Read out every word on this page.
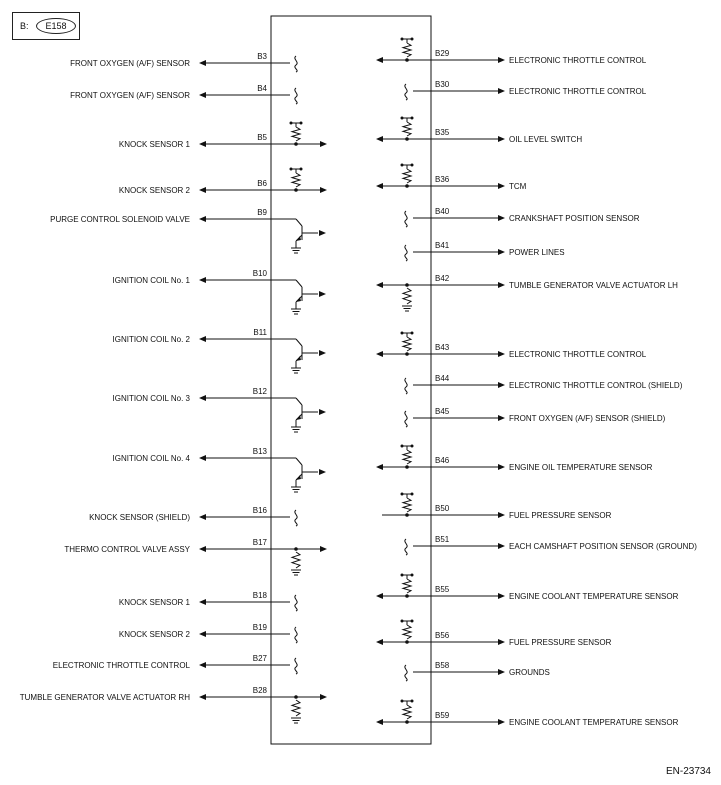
B:	E158
FRONT OXYGEN (A/F) SENSOR
B3
FRONT OXYGEN (A/F) SENSOR
B4
KNOCK SENSOR 1
B5
KNOCK SENSOR 2
B6
PURGE CONTROL SOLENOID VALVE
B9
IGNITION COIL No. 1
B10
IGNITION COIL No. 2
B11
IGNITION COIL No. 3
B12
IGNITION COIL No. 4
B13
KNOCK SENSOR (SHIELD)
B16
THERMO CONTROL VALVE ASSY
B17
KNOCK SENSOR 1
B18
KNOCK SENSOR 2
B19
ELECTRONIC THROTTLE CONTROL
B27
TUMBLE GENERATOR VALVE ACTUATOR RH
B28
ELECTRONIC THROTTLE CONTROL
B29
ELECTRONIC THROTTLE CONTROL
B30
OIL LEVEL SWITCH
B35
TCM
B36
CRANKSHAFT POSITION SENSOR
B40
POWER LINES
B41
TUMBLE GENERATOR VALVE ACTUATOR LH
B42
ELECTRONIC THROTTLE CONTROL
B43
ELECTRONIC THROTTLE CONTROL (SHIELD)
B44
FRONT OXYGEN (A/F) SENSOR (SHIELD)
B45
ENGINE OIL TEMPERATURE SENSOR
B46
FUEL PRESSURE SENSOR
B50
EACH CAMSHAFT POSITION SENSOR (GROUND)
B51
ENGINE COOLANT TEMPERATURE SENSOR
B55
FUEL PRESSURE SENSOR
B56
GROUNDS
B58
ENGINE COOLANT TEMPERATURE SENSOR
B59
EN-23734
